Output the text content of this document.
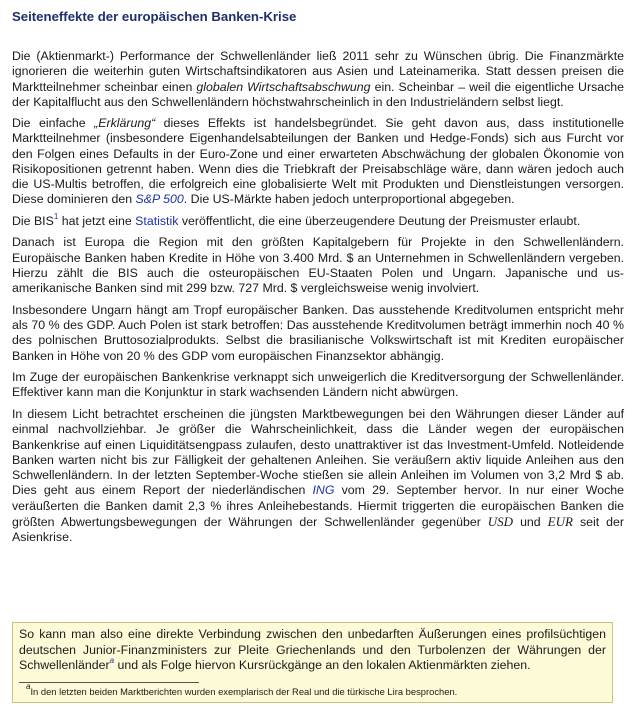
Seiteneffekte der europäischen Banken-Krise

Die (Aktienmarkt-) Performance der Schwellenländer ließ 2011 sehr zu Wünschen übrig. Die Finanzmärkte ignorieren die weiterhin guten Wirtschaftsindikatoren aus Asien und Lateinamerika. Statt dessen preisen die Marktteilnehmer scheinbar einen globalen Wirtschaftsabschwung ein. Scheinbar – weil die eigentliche Ursache der Kapitalflucht aus den Schwellenländern höchstwahrscheinlich in den Industrieländern selbst liegt.

Die einfache „Erklärung“ dieses Effekts ist handelsbegründet. Sie geht davon aus, dass institutionelle Marktteilnehmer (insbesondere Eigenhandelsabteilungen der Banken und Hedge-Fonds) sich aus Furcht vor den Folgen eines Defaults in der Euro-Zone und einer erwarteten Abschwächung der globalen Ökonomie von Risikopositionen getrennt haben. Wenn dies die Triebkraft der Preisabschläge wäre, dann wären jedoch auch die US-Multis betroffen, die erfolgreich eine globalisierte Welt mit Produkten und Dienstleistungen versorgen. Diese dominieren den S&P 500. Die US-Märkte haben jedoch unterproportional abgegeben.

Die BIS$^1$ hat jetzt eine Statistik veröffentlicht, die eine überzeugendere Deutung der Preismuster erlaubt.

Danach ist Europa die Region mit den größten Kapitalgebern für Projekte in den Schwellenländern. Europäische Banken haben Kredite in Höhe von 3.400 Mrd. $ an Unternehmen in Schwellenländern vergeben. Hierzu zählt die BIS auch die osteuropäischen EU-Staaten Polen und Ungarn. Japanische und us-amerikanische Banken sind mit 299 bzw. 727 Mrd. $ vergleichsweise wenig involviert.

Insbesondere Ungarn hängt am Tropf europäischer Banken. Das ausstehende Kreditvolumen entspricht mehr als 70 % des GDP. Auch Polen ist stark betroffen: Das ausstehende Kreditvolumen beträgt immerhin noch 40 % des polnischen Bruttosozialprodukts. Selbst die brasilianische Volkswirtschaft ist mit Krediten europäischer Banken in Höhe von 20 % des GDP vom europäischen Finanzsektor abhängig.

Im Zuge der europäischen Bankenkrise verknappt sich unweigerlich die Kreditversorgung der Schwellenländer. Effektiver kann man die Konjunktur in stark wachsenden Ländern nicht abwürgen.

In diesem Licht betrachtet erscheinen die jüngsten Marktbewegungen bei den Währungen dieser Länder auf einmal nachvollziehbar. Je größer die Wahrscheinlichkeit, dass die Länder wegen der europäischen Bankenkrise auf einen Liquiditätsengpass zulaufen, desto unattraktiver ist das Investment-Umfeld. Notleidende Banken warten nicht bis zur Fälligkeit der gehaltenen Anleihen. Sie veräußern aktiv liquide Anleihen aus den Schwellenländern. In der letzten September-Woche stießen sie allein Anleihen im Volumen von 3,2 Mrd $ ab. Dies geht aus einem Report der niederländischen ING vom 29. September hervor. In nur einer Woche veräußerten die Banken damit 2,3 % ihres Anleihebestands. Hiermit triggerten die europäischen Banken die größten Abwertungsbewegungen der Währungen der Schwellenländer gegenüber USD und EUR seit der Asienkrise.

So kann man also eine direkte Verbindung zwischen den unbedarften Äußerungen eines profilsüchtigen deutschen Junior-Finanzministers zur Pleite Griechenlands und den Turbolenzen der Währungen der Schwellenländer$^a$ und als Folge hiervon Kursrückgänge an den lokalen Aktienmärkten ziehen.

$^a$In den letzten beiden Marktberichten wurden exemplarisch der Real und die türkische Lira besprochen.
